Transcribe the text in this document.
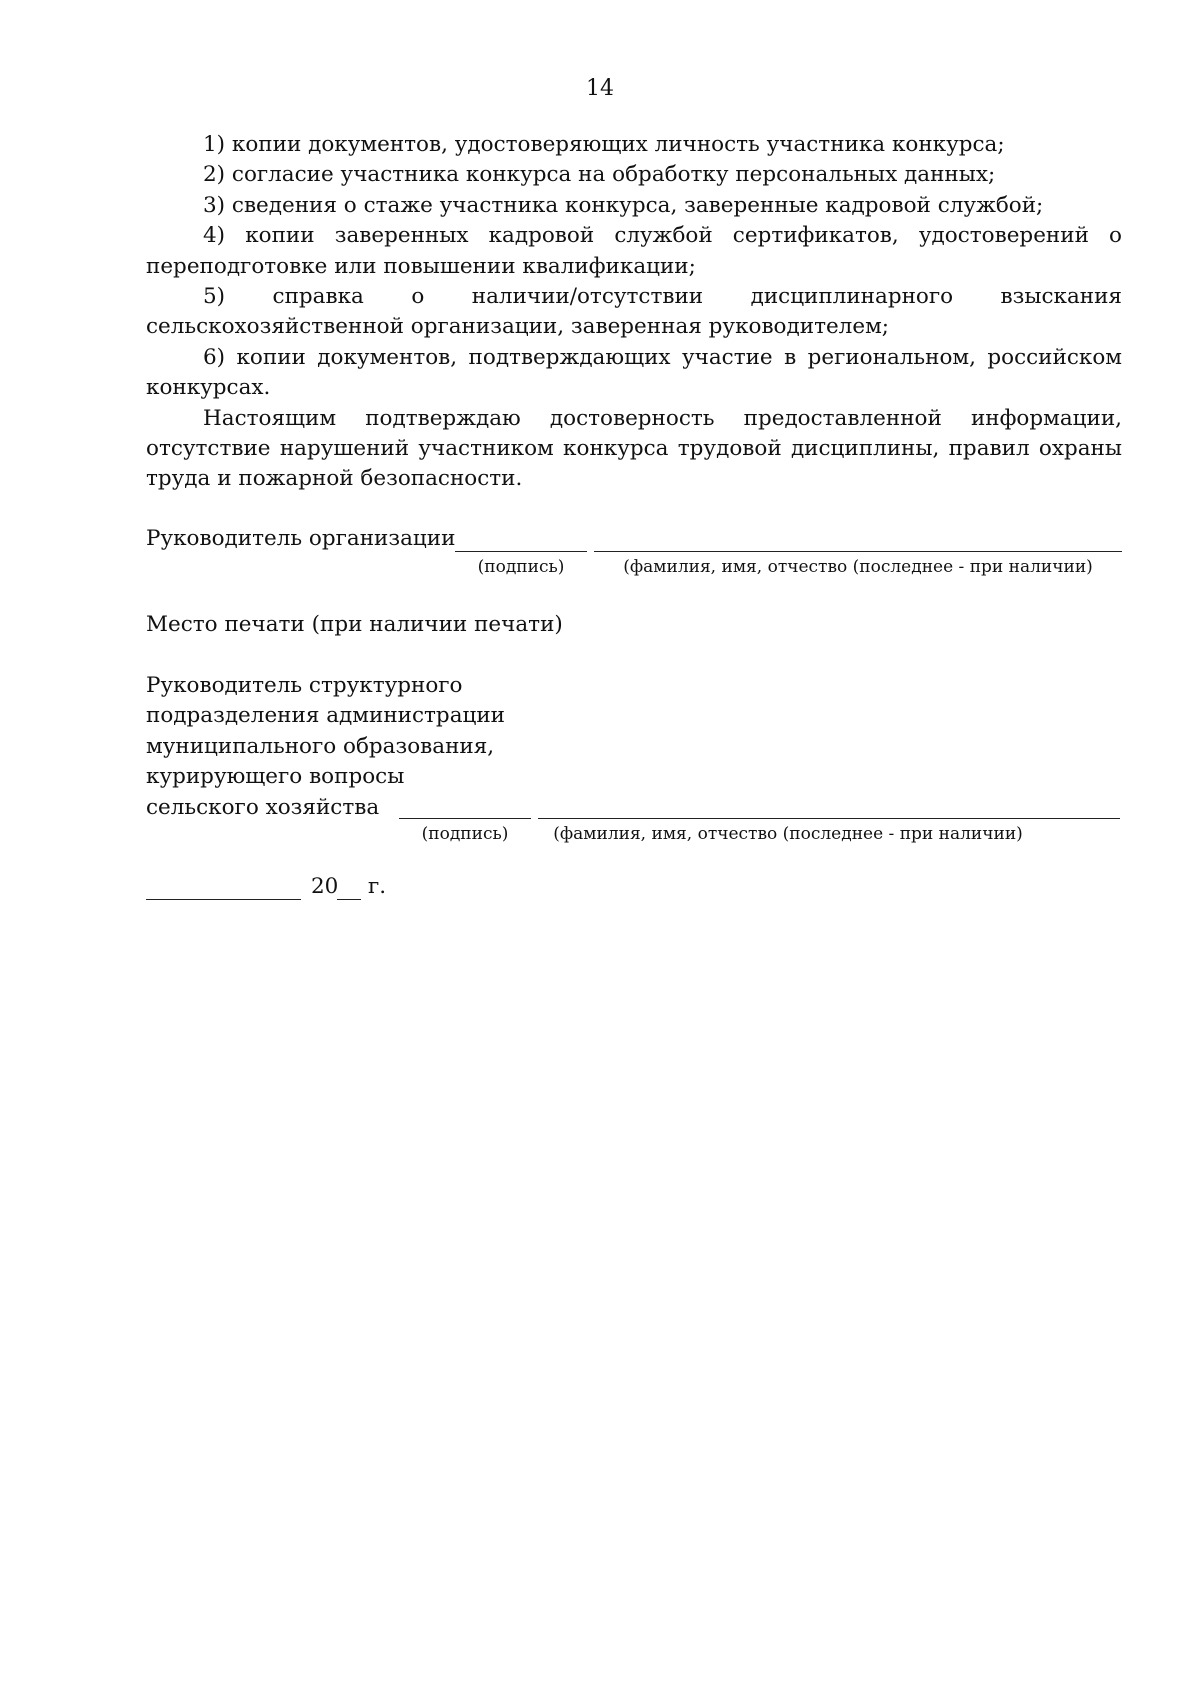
14

1) копии документов, удостоверяющих личность участника конкурса;

2) согласие участника конкурса на обработку персональных данных;

3) сведения о стаже участника конкурса, заверенные кадровой службой;

4) копии заверенных кадровой службой сертификатов, удостоверений о переподготовке или повышении квалификации;

5) справка о наличии/отсутствии дисциплинарного взыскания сельскохозяйственной организации, заверенная руководителем;

6) копии документов, подтверждающих участие в региональном, российском конкурсах.

Настоящим подтверждаю достоверность предоставленной информации, отсутствие нарушений участником конкурса трудовой дисциплины, правил охраны труда и пожарной безопасности.

Руководитель организации
(подпись)	(фамилия, имя, отчество (последнее - при наличии)
Место печати (при наличии печати)
Руководитель структурного
подразделения администрации
муниципального образования,
курирующего вопросы
сельского хозяйства
(подпись)	(фамилия, имя, отчество (последнее - при наличии)
20 г.
